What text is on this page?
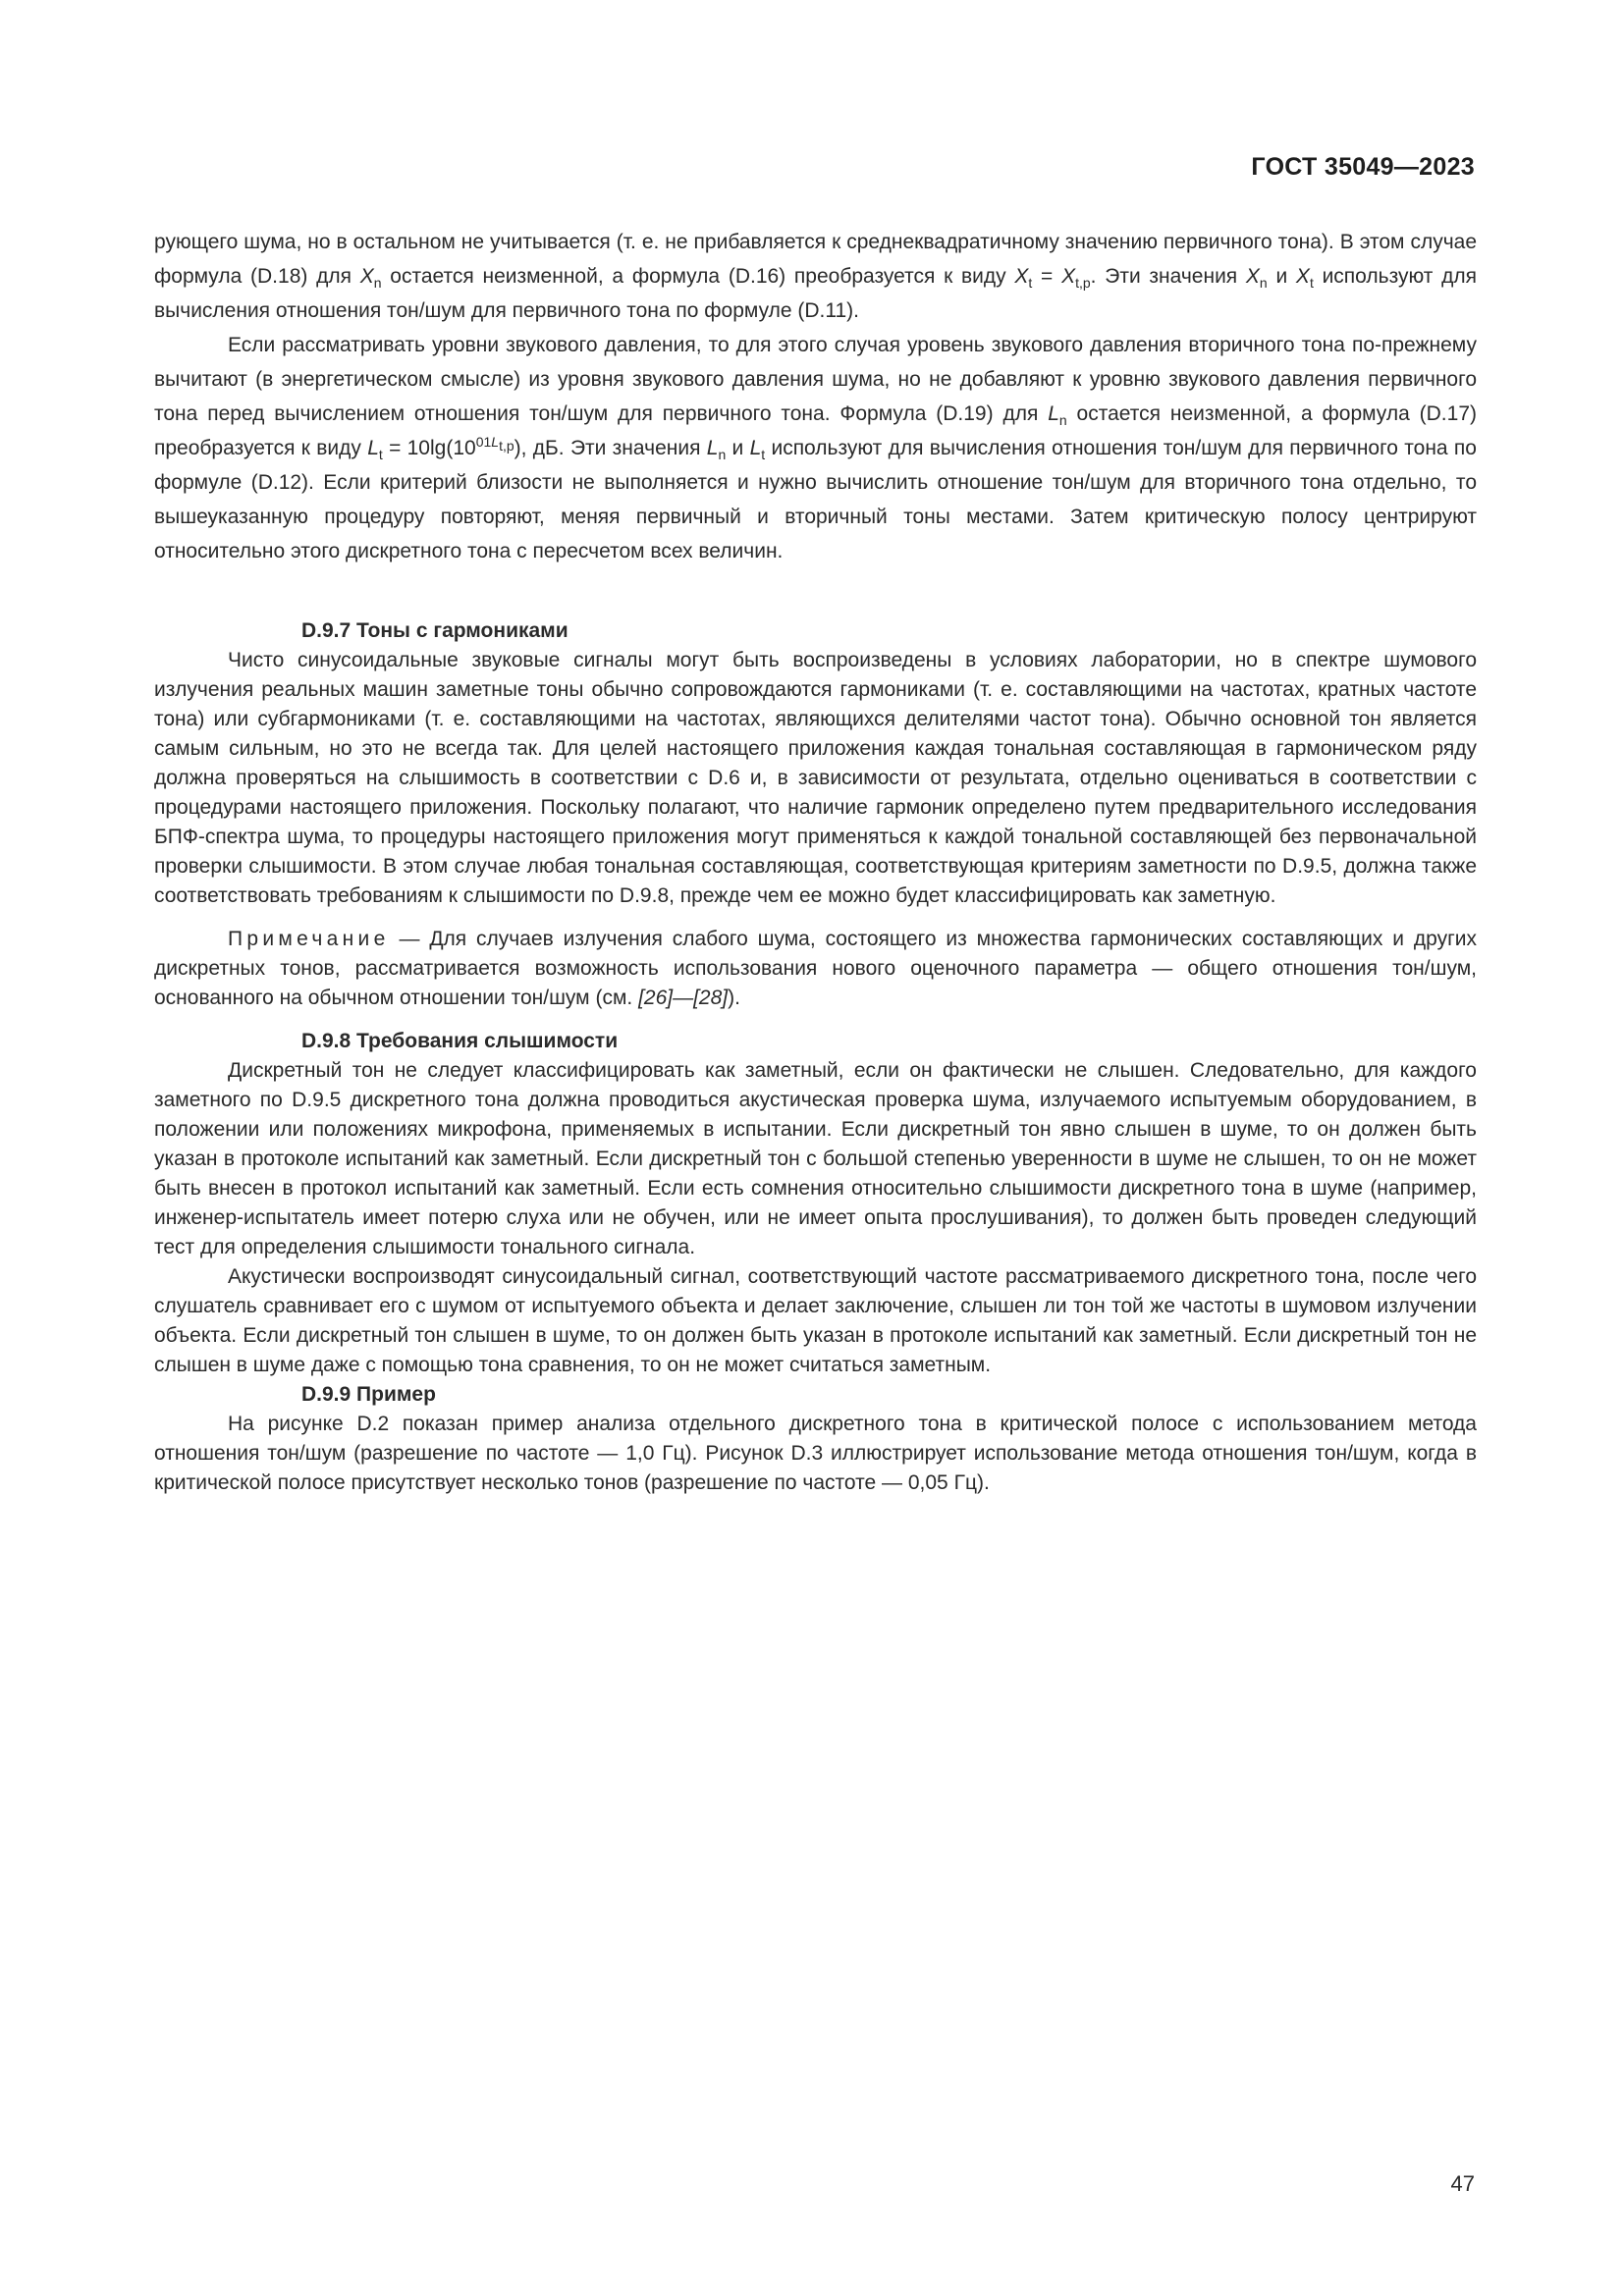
ГОСТ 35049—2023

рующего шума, но в остальном не учитывается (т. е. не прибавляется к среднеквадратичному значению первичного тона). В этом случае формула (D.18) для $X_n$ остается неизменной, а формула (D.16) преобразуется к виду $X_t = X_{t,p}$. Эти значения $X_n$ и $X_t$ используют для вычисления отношения тон/шум для первичного тона по формуле (D.11).

Если рассматривать уровни звукового давления, то для этого случая уровень звукового давления вторичного тона по-прежнему вычитают (в энергетическом смысле) из уровня звукового давления шума, но не добавляют к уровню звукового давления первичного тона перед вычислением отношения тон/шум для первичного тона. Формула (D.19) для $L_n$ остается неизменной, а формула (D.17) преобразуется к виду $L_t = 10\lg(10^{01L_{t,p}})$, дБ. Эти значения $L_n$ и $L_t$ используют для вычисления отношения тон/шум для первичного тона по формуле (D.12). Если критерий близости не выполняется и нужно вычислить отношение тон/шум для вторичного тона отдельно, то вышеуказанную процедуру повторяют, меняя первичный и вторичный тоны местами. Затем критическую полосу центрируют относительно этого дискретного тона с пересчетом всех величин.

D.9.7 Тоны с гармониками

Чисто синусоидальные звуковые сигналы могут быть воспроизведены в условиях лаборатории, но в спектре шумового излучения реальных машин заметные тоны обычно сопровождаются гармониками (т. е. составляющими на частотах, кратных частоте тона) или субгармониками (т. е. составляющими на частотах, являющихся делителями частот тона). Обычно основной тон является самым сильным, но это не всегда так. Для целей настоящего приложения каждая тональная составляющая в гармоническом ряду должна проверяться на слышимость в соответствии с D.6 и, в зависимости от результата, отдельно оцениваться в соответствии с процедурами настоящего приложения. Поскольку полагают, что наличие гармоник определено путем предварительного исследования БПФ-спектра шума, то процедуры настоящего приложения могут применяться к каждой тональной составляющей без первоначальной проверки слышимости. В этом случае любая тональная составляющая, соответствующая критериям заметности по D.9.5, должна также соответствовать требованиям к слышимости по D.9.8, прежде чем ее можно будет классифицировать как заметную.

Примечание — Для случаев излучения слабого шума, состоящего из множества гармонических составляющих и других дискретных тонов, рассматривается возможность использования нового оценочного параметра — общего отношения тон/шум, основанного на обычном отношении тон/шум (см. [26]—[28]).

D.9.8 Требования слышимости

Дискретный тон не следует классифицировать как заметный, если он фактически не слышен. Следовательно, для каждого заметного по D.9.5 дискретного тона должна проводиться акустическая проверка шума, излучаемого испытуемым оборудованием, в положении или положениях микрофона, применяемых в испытании. Если дискретный тон явно слышен в шуме, то он должен быть указан в протоколе испытаний как заметный. Если дискретный тон с большой степенью уверенности в шуме не слышен, то он не может быть внесен в протокол испытаний как заметный. Если есть сомнения относительно слышимости дискретного тона в шуме (например, инженер-испытатель имеет потерю слуха или не обучен, или не имеет опыта прослушивания), то должен быть проведен следующий тест для определения слышимости тонального сигнала.

Акустически воспроизводят синусоидальный сигнал, соответствующий частоте рассматриваемого дискретного тона, после чего слушатель сравнивает его с шумом от испытуемого объекта и делает заключение, слышен ли тон той же частоты в шумовом излучении объекта. Если дискретный тон слышен в шуме, то он должен быть указан в протоколе испытаний как заметный. Если дискретный тон не слышен в шуме даже с помощью тона сравнения, то он не может считаться заметным.

D.9.9 Пример

На рисунке D.2 показан пример анализа отдельного дискретного тона в критической полосе с использованием метода отношения тон/шум (разрешение по частоте — 1,0 Гц). Рисунок D.3 иллюстрирует использование метода отношения тон/шум, когда в критической полосе присутствует несколько тонов (разрешение по частоте — 0,05 Гц).

47
